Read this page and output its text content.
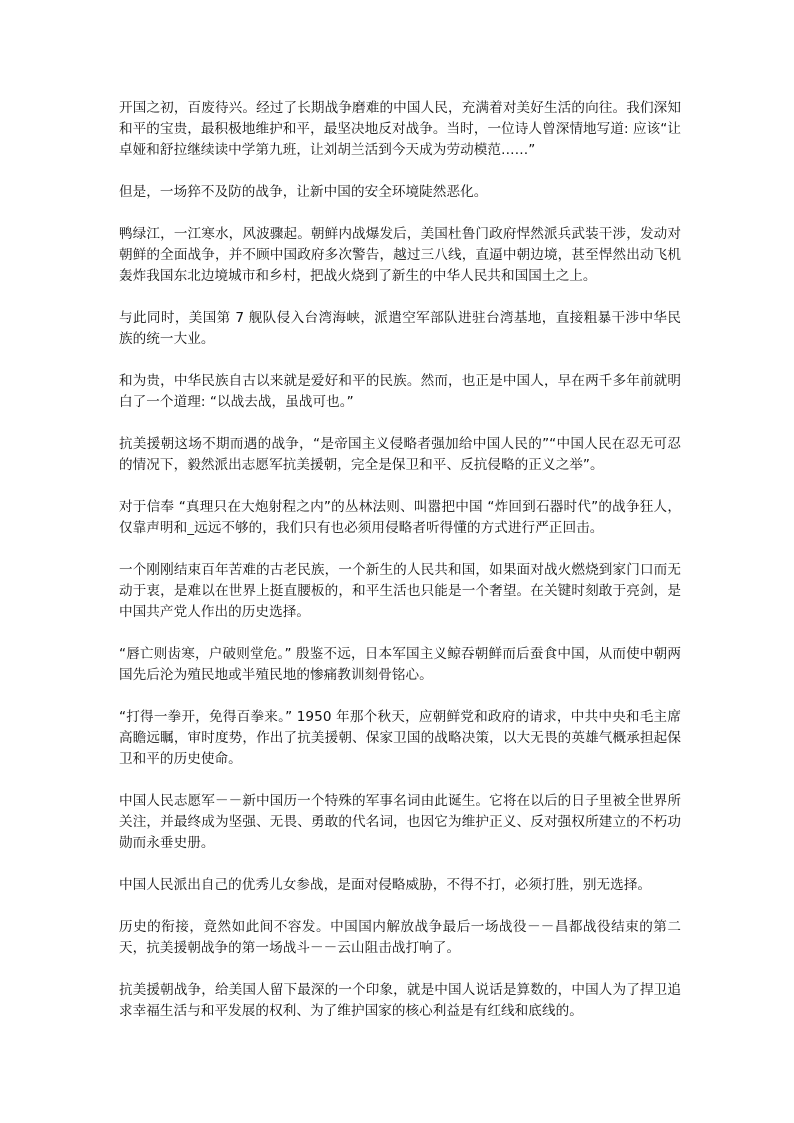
开国之初，百废待兴。经过了长期战争磨难的中国人民，充满着对美好生活的向往。我们深知和平的宝贵，最积极地维护和平，最坚决地反对战争。当时，一位诗人曾深情地写道: 应该“让卓娅和舒拉继续读中学第九班，让刘胡兰活到今天成为劳动模范……”

但是，一场猝不及防的战争，让新中国的安全环境陡然恶化。

鸭绿江，一江寒水，风波骤起。朝鲜内战爆发后，美国杜鲁门政府悍然派兵武装干涉，发动对朝鲜的全面战争，并不顾中国政府多次警告，越过三八线，直逼中朝边境，甚至悍然出动飞机轰炸我国东北边境城市和乡村，把战火烧到了新生的中华人民共和国国土之上。

与此同时，美国第 7 舰队侵入台湾海峡，派遣空军部队进驻台湾基地，直接粗暴干涉中华民族的统一大业。

和为贵，中华民族自古以来就是爱好和平的民族。然而，也正是中国人，早在两千多年前就明白了一个道理: “以战去战，虽战可也。”

抗美援朝这场不期而遇的战争，“是帝国主义侵略者强加给中国人民的”“中国人民在忍无可忍的情况下，毅然派出志愿军抗美援朝，完全是保卫和平、反抗侵略的正义之举”。

对于信奉 “真理只在大炮射程之内”的丛林法则、叫嚣把中国 “炸回到石器时代”的战争狂人，仅靠声明和_远远不够的，我们只有也必须用侵略者听得懂的方式进行严正回击。

一个刚刚结束百年苦难的古老民族，一个新生的人民共和国，如果面对战火燃烧到家门口而无动于衷，是难以在世界上挺直腰板的，和平生活也只能是一个奢望。在关键时刻敢于亮剑，是中国共产党人作出的历史选择。

“唇亡则齿寒，户破则堂危。” 殷鉴不远，日本军国主义鲸吞朝鲜而后蚕食中国，从而使中朝两国先后沦为殖民地或半殖民地的惨痛教训刻骨铭心。

“打得一拳开，免得百拳来。” 1950 年那个秋天，应朝鲜党和政府的请求，中共中央和毛主席高瞻远瞩，审时度势，作出了抗美援朝、保家卫国的战略决策，以大无畏的英雄气概承担起保卫和平的历史使命。

中国人民志愿军－－新中国历一个特殊的军事名词由此诞生。它将在以后的日子里被全世界所关注，并最终成为坚强、无畏、勇敢的代名词，也因它为维护正义、反对强权所建立的不朽功勋而永垂史册。

中国人民派出自己的优秀儿女参战，是面对侵略威胁，不得不打，必须打胜，别无选择。

历史的衔接，竟然如此间不容发。中国国内解放战争最后一场战役－－昌都战役结束的第二天，抗美援朝战争的第一场战斗－－云山阻击战打响了。

抗美援朝战争，给美国人留下最深的一个印象，就是中国人说话是算数的，中国人为了捍卫追求幸福生活与和平发展的权利、为了维护国家的核心利益是有红线和底线的。
